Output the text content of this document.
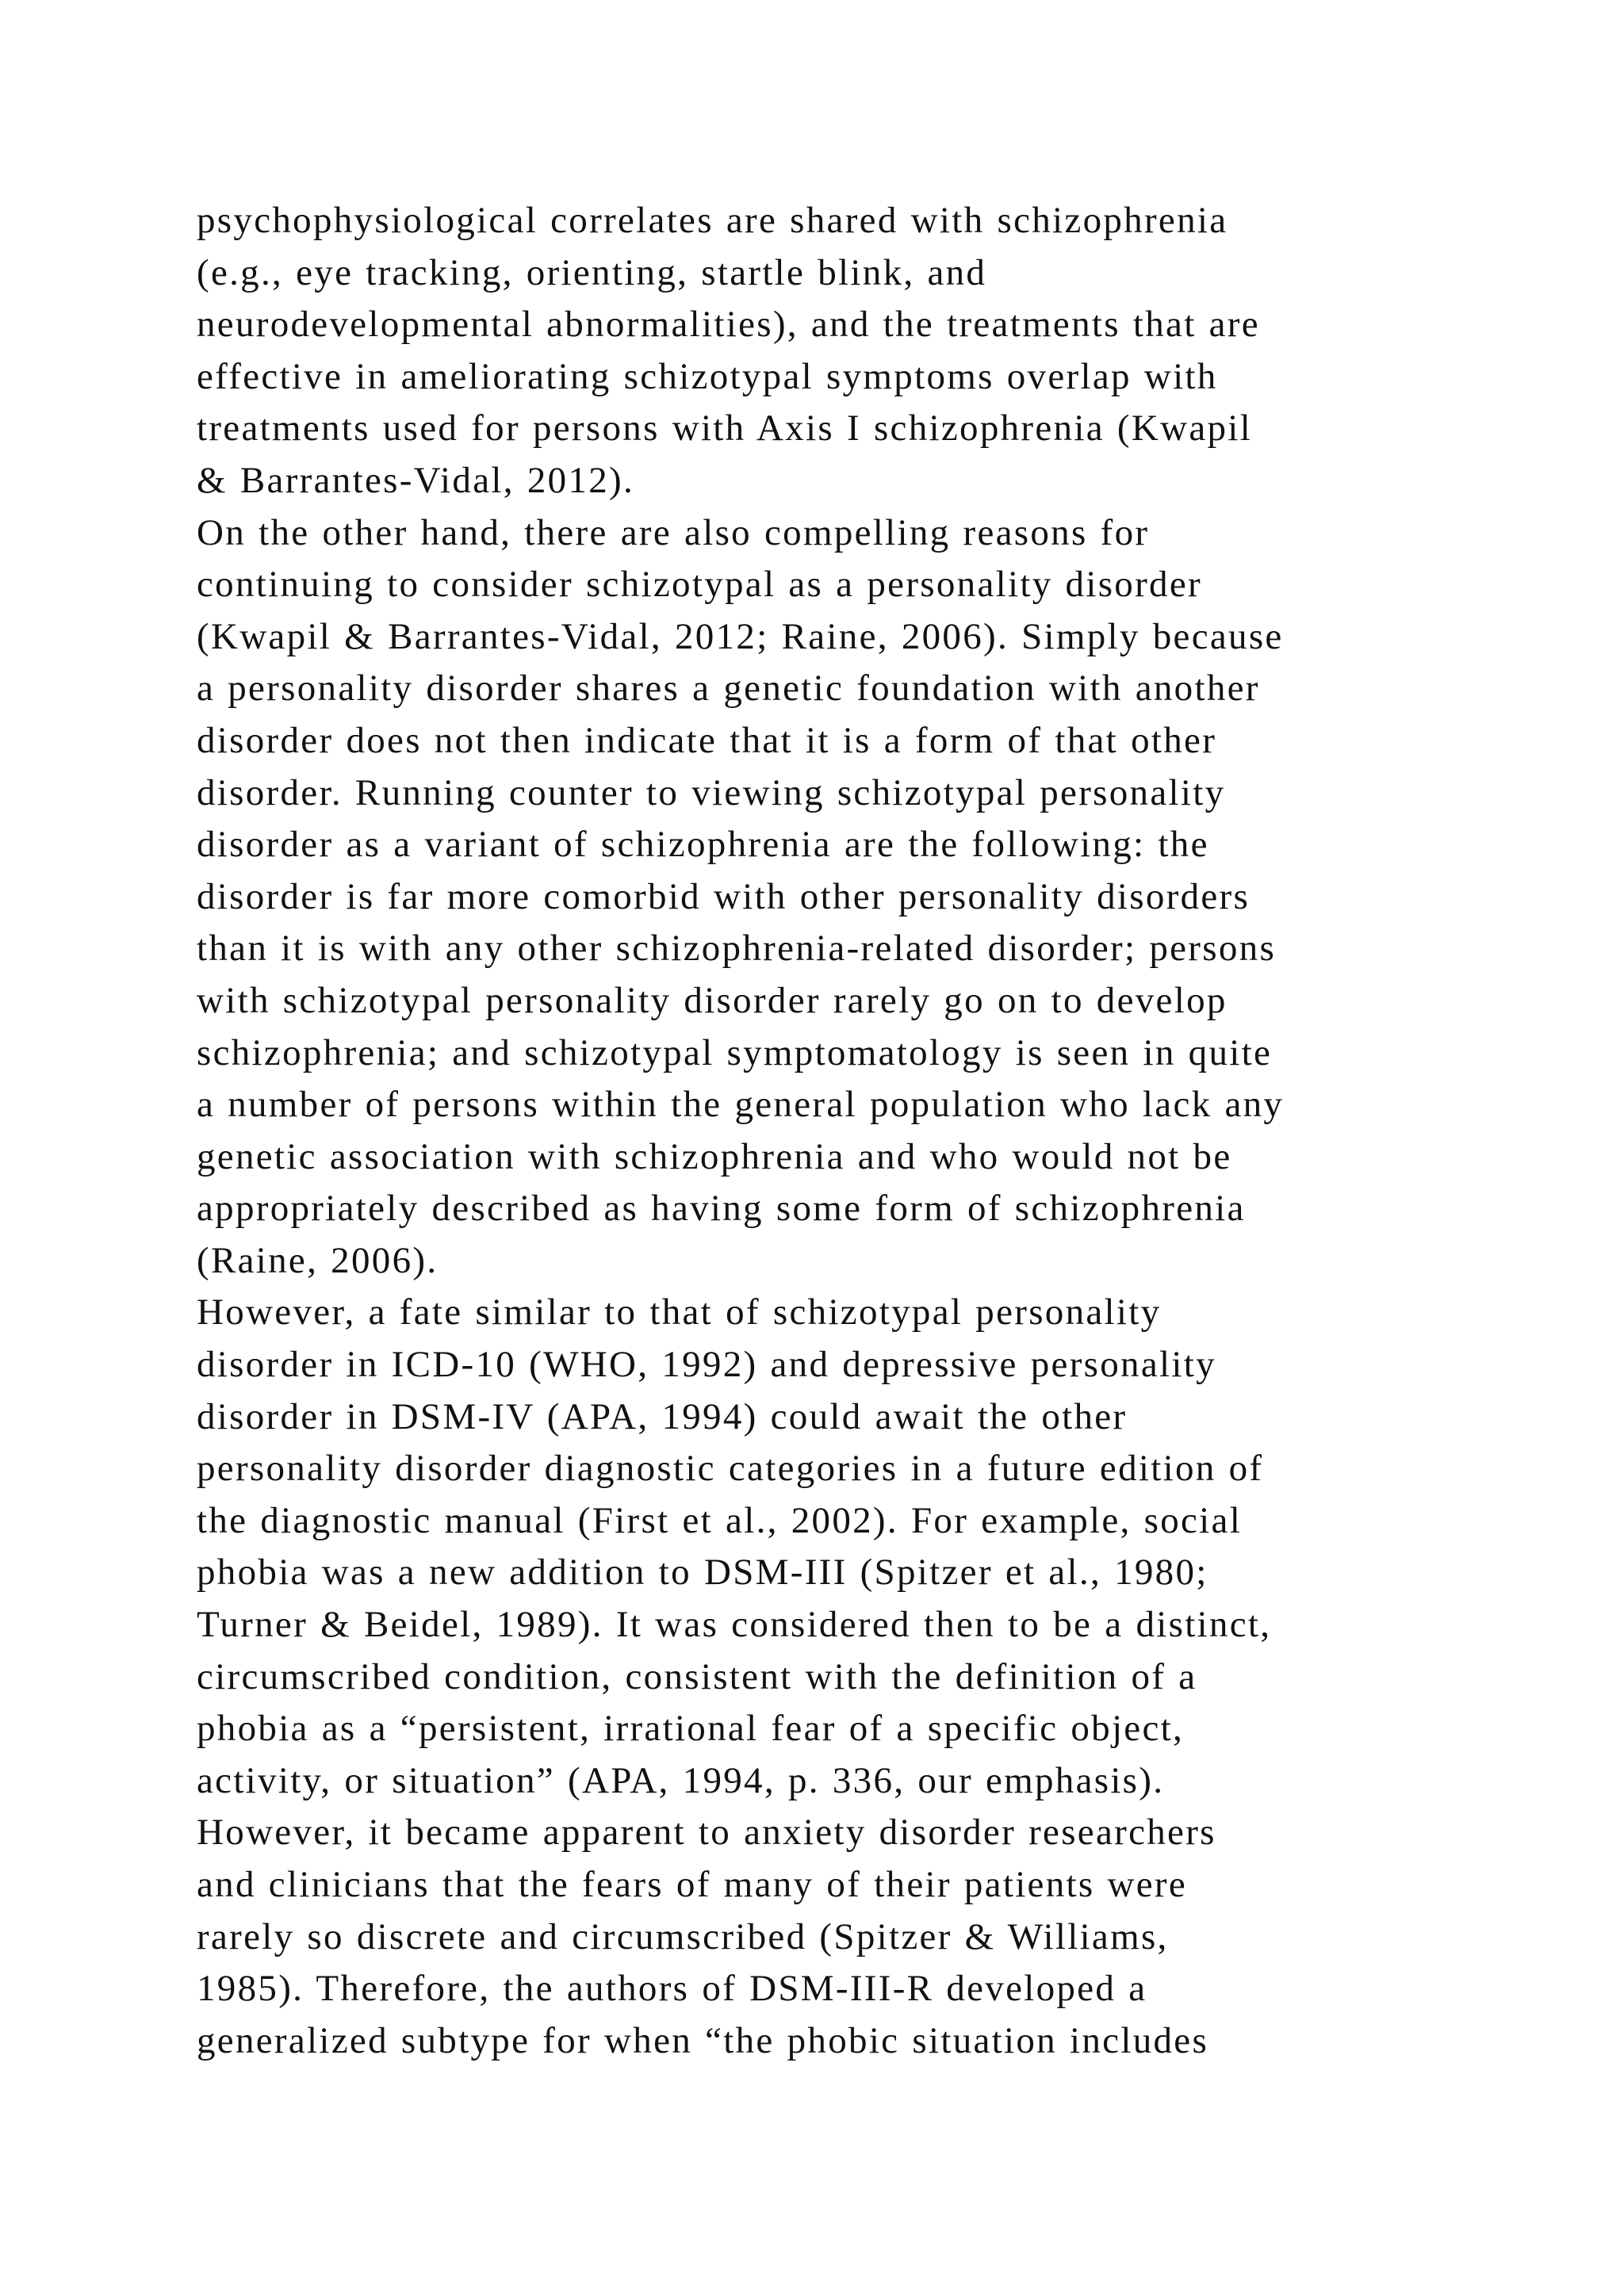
psychophysiological correlates are shared with schizophrenia
(e.g., eye tracking, orienting, startle blink, and
neurodevelopmental abnormalities), and the treatments that are
effective in ameliorating schizotypal symptoms overlap with
treatments used for persons with Axis I schizophrenia (Kwapil
& Barrantes-Vidal, 2012).
On the other hand, there are also compelling reasons for
continuing to consider schizotypal as a personality disorder
(Kwapil & Barrantes-Vidal, 2012; Raine, 2006). Simply because
a personality disorder shares a genetic foundation with another
disorder does not then indicate that it is a form of that other
disorder. Running counter to viewing schizotypal personality
disorder as a variant of schizophrenia are the following: the
disorder is far more comorbid with other personality disorders
than it is with any other schizophrenia-related disorder; persons
with schizotypal personality disorder rarely go on to develop
schizophrenia; and schizotypal symptomatology is seen in quite
a number of persons within the general population who lack any
genetic association with schizophrenia and who would not be
appropriately described as having some form of schizophrenia
(Raine, 2006).
However, a fate similar to that of schizotypal personality
disorder in ICD-10 (WHO, 1992) and depressive personality
disorder in DSM-IV (APA, 1994) could await the other
personality disorder diagnostic categories in a future edition of
the diagnostic manual (First et al., 2002). For example, social
phobia was a new addition to DSM-III (Spitzer et al., 1980;
Turner & Beidel, 1989). It was considered then to be a distinct,
circumscribed condition, consistent with the definition of a
phobia as a “persistent, irrational fear of a specific object,
activity, or situation” (APA, 1994, p. 336, our emphasis).
However, it became apparent to anxiety disorder researchers
and clinicians that the fears of many of their patients were
rarely so discrete and circumscribed (Spitzer & Williams,
1985). Therefore, the authors of DSM-III-R developed a
generalized subtype for when “the phobic situation includes
